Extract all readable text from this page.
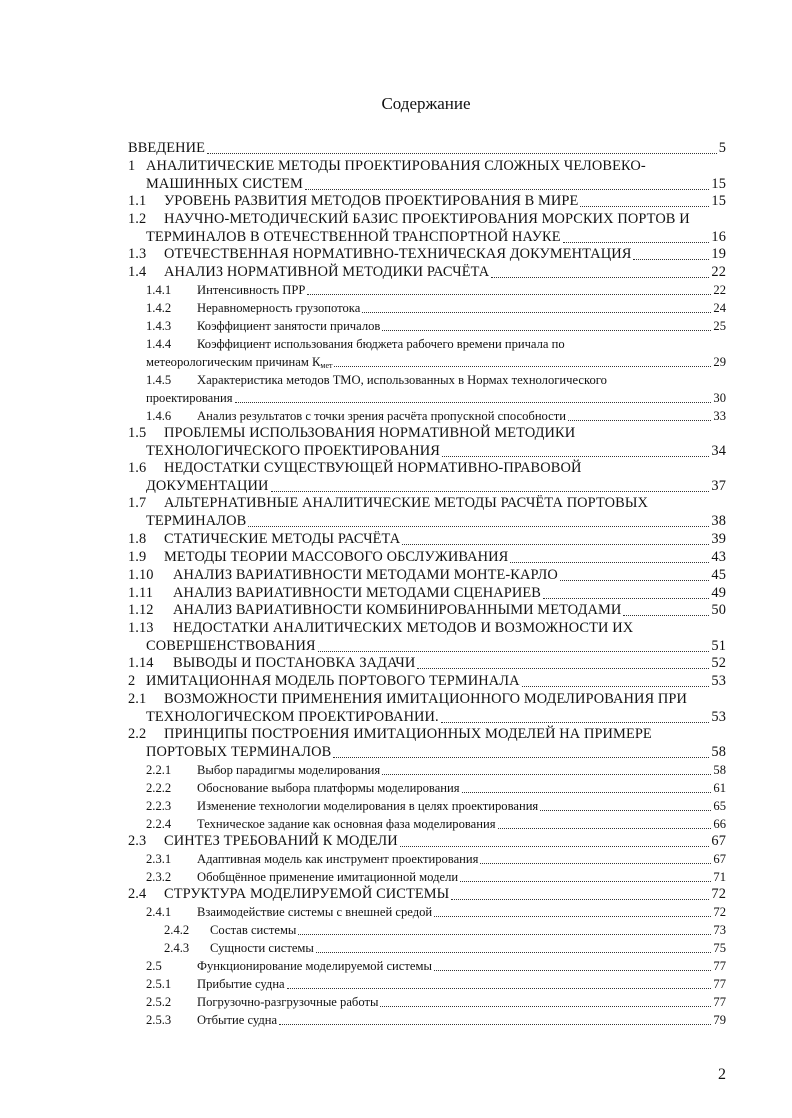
Содержание
2
ВВЕДЕНИЕ	5
1 АНАЛИТИЧЕСКИЕ МЕТОДЫ ПРОЕКТИРОВАНИЯ СЛОЖНЫХ ЧЕЛОВЕКО-
МАШИННЫХ СИСТЕМ	15
1.1 УРОВЕНЬ РАЗВИТИЯ МЕТОДОВ ПРОЕКТИРОВАНИЯ В МИРЕ	15
1.2 НАУЧНО-МЕТОДИЧЕСКИЙ БАЗИС ПРОЕКТИРОВАНИЯ МОРСКИХ ПОРТОВ И
ТЕРМИНАЛОВ В ОТЕЧЕСТВЕННОЙ ТРАНСПОРТНОЙ НАУКЕ	16
1.3 ОТЕЧЕСТВЕННАЯ НОРМАТИВНО-ТЕХНИЧЕСКАЯ ДОКУМЕНТАЦИЯ	19
1.4 АНАЛИЗ НОРМАТИВНОЙ МЕТОДИКИ РАСЧЁТА	22
1.4.1 Интенсивность ПРР	22
1.4.2 Неравномерность грузопотока	24
1.4.3 Коэффициент занятости причалов	25
1.4.4 Коэффициент использования бюджета рабочего времени причала по
метеорологическим причинам $К_{мет}$	29
1.4.5 Характеристика методов ТМО, использованных в Нормах технологического
проектирования	30
1.4.6 Анализ результатов с точки зрения расчёта пропускной способности	33
1.5 ПРОБЛЕМЫ ИСПОЛЬЗОВАНИЯ НОРМАТИВНОЙ МЕТОДИКИ
ТЕХНОЛОГИЧЕСКОГО ПРОЕКТИРОВАНИЯ	34
1.6 НЕДОСТАТКИ СУЩЕСТВУЮЩЕЙ НОРМАТИВНО-ПРАВОВОЙ
ДОКУМЕНТАЦИИ	37
1.7 АЛЬТЕРНАТИВНЫЕ АНАЛИТИЧЕСКИЕ МЕТОДЫ РАСЧЁТА ПОРТОВЫХ
ТЕРМИНАЛОВ	38
1.8 СТАТИЧЕСКИЕ МЕТОДЫ РАСЧЁТА	39
1.9 МЕТОДЫ ТЕОРИИ МАССОВОГО ОБСЛУЖИВАНИЯ	43
1.10 АНАЛИЗ ВАРИАТИВНОСТИ МЕТОДАМИ МОНТЕ-КАРЛО	45
1.11 АНАЛИЗ ВАРИАТИВНОСТИ МЕТОДАМИ СЦЕНАРИЕВ	49
1.12 АНАЛИЗ ВАРИАТИВНОСТИ КОМБИНИРОВАННЫМИ МЕТОДАМИ	50
1.13 НЕДОСТАТКИ АНАЛИТИЧЕСКИХ МЕТОДОВ И ВОЗМОЖНОСТИ ИХ
СОВЕРШЕНСТВОВАНИЯ	51
1.14 ВЫВОДЫ И ПОСТАНОВКА ЗАДАЧИ	52
2 ИМИТАЦИОННАЯ МОДЕЛЬ ПОРТОВОГО ТЕРМИНАЛА	53
2.1 ВОЗМОЖНОСТИ ПРИМЕНЕНИЯ ИМИТАЦИОННОГО МОДЕЛИРОВАНИЯ ПРИ
ТЕХНОЛОГИЧЕСКОМ ПРОЕКТИРОВАНИИ.	53
2.2 ПРИНЦИПЫ ПОСТРОЕНИЯ ИМИТАЦИОННЫХ МОДЕЛЕЙ НА ПРИМЕРЕ
ПОРТОВЫХ ТЕРМИНАЛОВ	58
2.2.1 Выбор парадигмы моделирования	58
2.2.2 Обоснование выбора платформы моделирования	61
2.2.3 Изменение технологии моделирования в целях проектирования	65
2.2.4 Техническое задание как основная фаза моделирования	66
2.3 СИНТЕЗ ТРЕБОВАНИЙ К МОДЕЛИ	67
2.3.1 Адаптивная модель как инструмент проектирования	67
2.3.2 Обобщённое применение имитационной модели	71
2.4 СТРУКТУРА МОДЕЛИРУЕМОЙ СИСТЕМЫ	72
2.4.1 Взаимодействие системы с внешней средой	72
2.4.2 Состав системы	73
2.4.3 Сущности системы	75
2.5	Функционирование моделируемой системы	77
2.5.1 Прибытие судна	77
2.5.2 Погрузочно-разгрузочные работы	77
2.5.3 Отбытие судна	79
